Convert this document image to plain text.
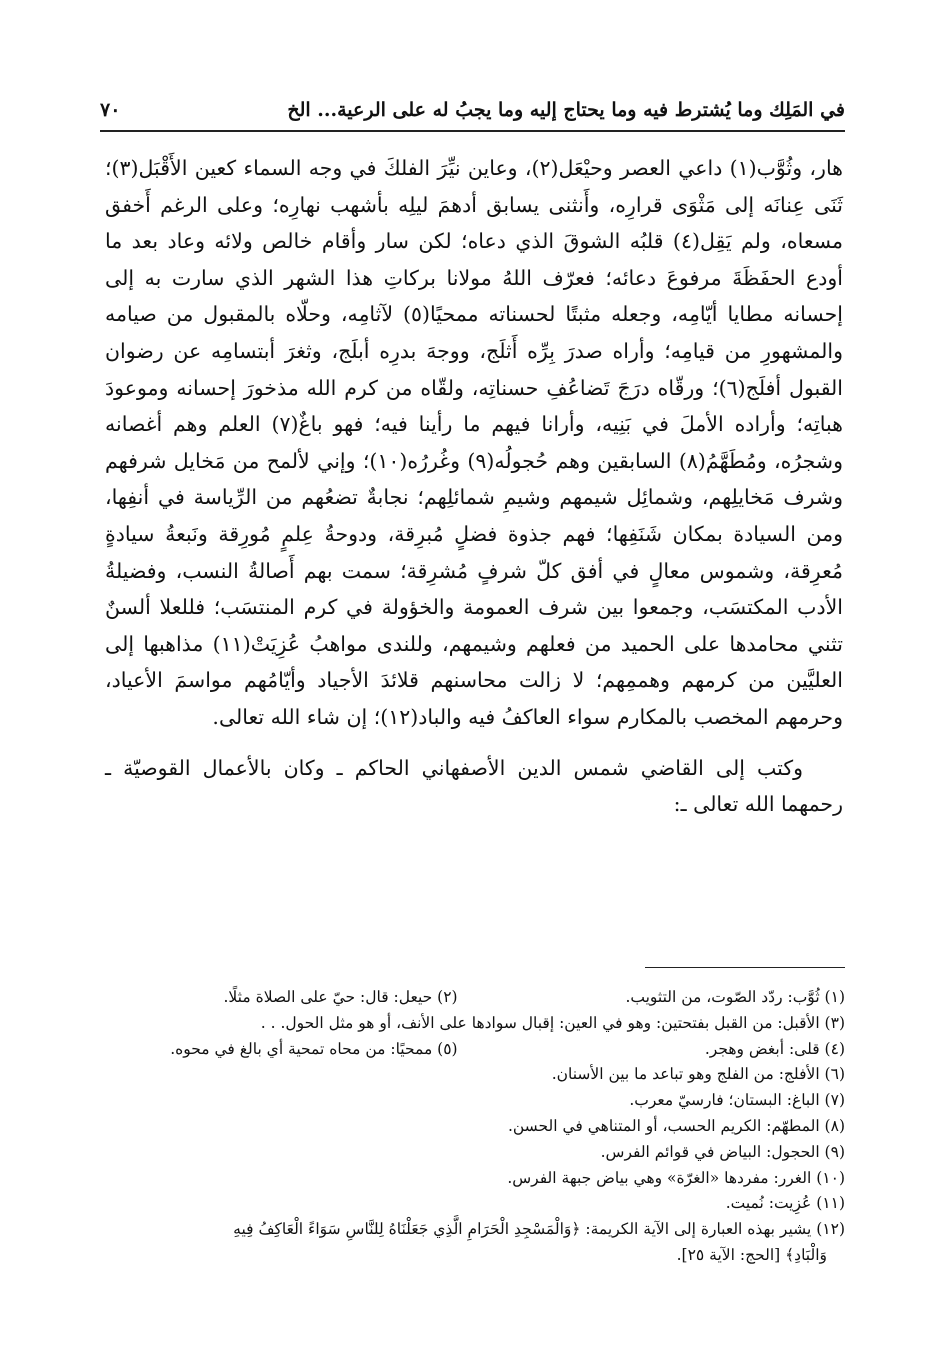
في المَلِك وما يُشترط فيه وما يحتاج إليه وما يجبُ له على الرعية... الخ
٧٠

هار، وثُوَّب(١) داعي العصر وحيْعَل(٢)، وعاين نيِّرَ الفلكَ في وجه السماء كعين الأَقْبَل(٣)؛ ثَنَى عِنانَه إلى مَثْوَى قرارِه، وأَنثنى يسابق أدهمَ ليلِه بأشهب نهارِه؛ وعلى الرغم أَخفق مسعاه، ولم يَقِل(٤) قلبُه الشوقَ الذي دعاه؛ لكن سار وأقام خالص ولائه وعاد بعد ما أودع الحفَظَةَ مرفوعَ دعائه؛ فعرّف اللهُ مولانا بركاتِ هذا الشهر الذي سارت به إلى إحسانه مطايا أيّامِه، وجعله مثبتًا لحسناته ممحيًا(٥) لآثامِه، وحلّاه بالمقبول من صيامه والمشهورِ من قيامِه؛ وأراه صدرَ بِرِّه أَثلَج، ووجهَ بدرِه أبلَج، وثغرَ أبتسامِه عن رضوان القبول أفلَج(٦)؛ ورقّاه درَجَ تَضاعُفِ حسناتِه، ولقّاه من كرم الله مذخورَ إحسانه وموعودَ هباتِه؛ وأراده الأملَ في بَنِيه، وأرانا فيهم ما رأينا فيه؛ فهو باغٌ(٧) العلم وهم أغصانه وشجرُه، ومُطَهَّمُ(٨) السابقين وهم حُجولُه(٩) وغُررُه(١٠)؛ وإني لألمح من مَخايل شرفهم وشرف مَخايلِهم، وشمائِل شيمهم وشيمِ شمائلِهم؛ نجابةٌ تضعُهم من الرِّياسة في أنفِها، ومن السيادة بمكان شَنَفِها؛ فهم جذوة فضلٍ مُبرِقة، ودوحةُ عِلمٍ مُورِقة ونَبعةُ سيادةٍ مُعرِقة، وشموس معالٍ في أفق كلّ شرفٍ مُشرِقة؛ سمت بهم أَصالةُ النسب، وفضيلةُ الأدب المكتسَب، وجمعوا بين شرف العمومة والخؤولة في كرم المنتسَب؛ فللعلا ألسنٌ تثني محامدها على الحميد من فعلهم وشيمهم، وللندى مواهبُ عُزِيَتْ(١١) مذاهبها إلى العليَّين من كرمهم وهممِهم؛ لا زالت محاسنهم قلائدَ الأجياد وأيّامُهم مواسمَ الأعياد، وحرمهم المخصب بالمكارم سواء العاكفُ فيه والباد(١٢)؛ إن شاء الله تعالى.

وكتب إلى القاضي شمس الدين الأصفهاني الحاكم ـ وكان بالأعمال القوصيّة ـ رحمهما الله تعالى ـ:

(١) ثُوَّب: ردّد الصّوت، من التثويب.
(٢) حيعل: قال: حيّ على الصلاة مثلًا.
(٣) الأقبل: من القبل بفتحتين: وهو في العين: إقبال سوادها على الأنف، أو هو مثل الحول. . .
(٤) قلى: أبغض وهجر.
(٥) ممحيًا: من محاه تمحية أي بالغ في محوه.
(٦) الأفلج: من الفلج وهو تباعد ما بين الأسنان.
(٧) الباغ: البستان؛ فارسيّ معرب.
(٨) المطهّم: الكريم الحسب، أو المتناهي في الحسن.
(٩) الحجول: البياض في قوائم الفرس.
(١٠) الغرر: مفردها «الغرّة» وهي بياض جبهة الفرس.
(١١) عُزِيت: نُميت.
(١٢) يشير بهذه العبارة إلى الآية الكريمة: ﴿وَالْمَسْجِدِ الْحَرَامِ الَّذِي جَعَلْنَاهُ لِلنَّاسِ سَوَاءً الْعَاكِفُ فِيهِ
وَالْبَادِ﴾ [الحج: الآية ٢٥].
